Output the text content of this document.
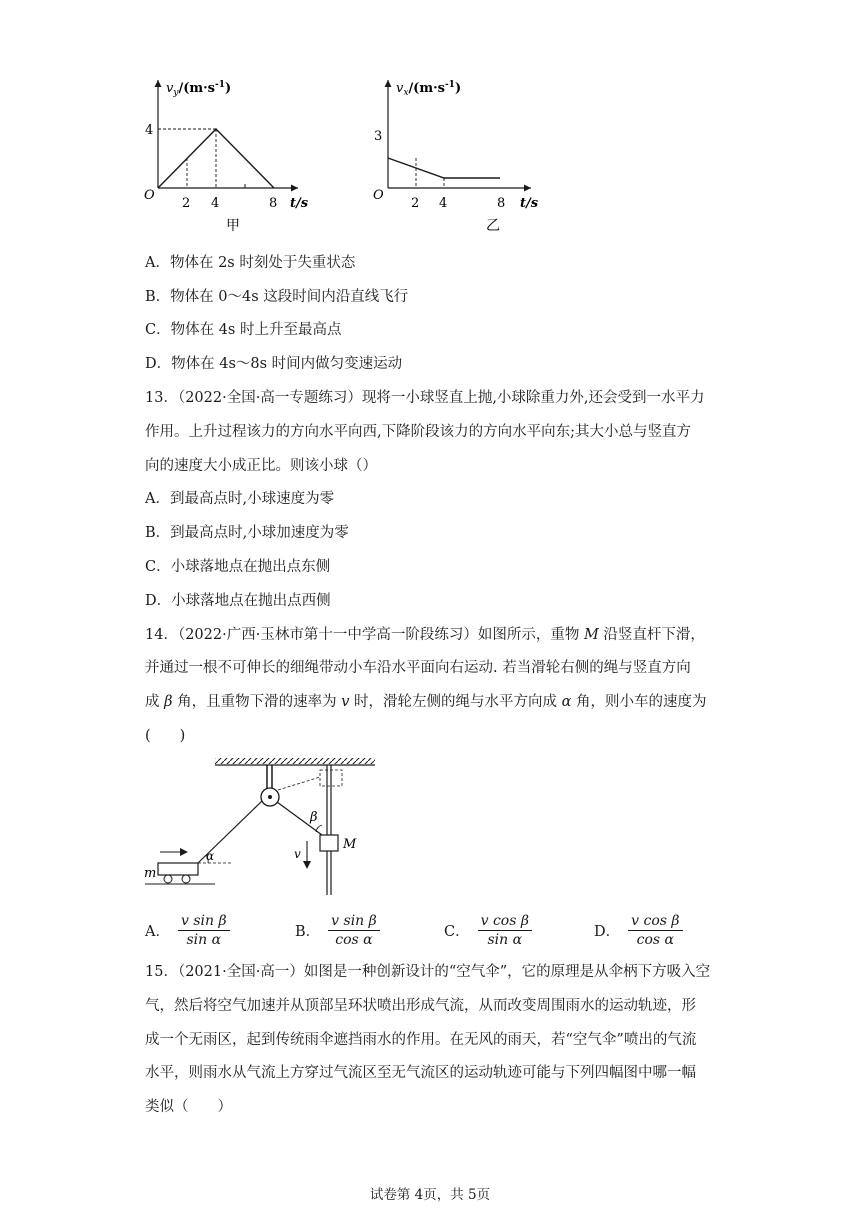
$v_y/(m\cdot s^{-1})$
4
O
2 4	8 t/s
甲
$v_x/(m\cdot s^{-1})$
3
O
2 4	8 t/s
乙
A．物体在 2s 时刻处于失重状态
B．物体在 0～4s 这段时间内沿直线飞行
C．物体在 4s 时上升至最高点
D．物体在 4s～8s 时间内做匀变速运动
13．（2022·全国·高一专题练习）现将一小球竖直上抛,小球除重力外,还会受到一水平力
作用。上升过程该力的方向水平向西,下降阶段该力的方向水平向东;其大小总与竖直方
向的速度大小成正比。则该小球（）
A．到最高点时,小球速度为零
B．到最高点时,小球加速度为零
C．小球落地点在抛出点东侧
D．小球落地点在抛出点西侧
14．（2022·广西·玉林市第十一中学高一阶段练习）如图所示，重物 M 沿竖直杆下滑，
并通过一根不可伸长的细绳带动小车沿水平面向右运动. 若当滑轮右侧的绳与竖直方向
成 β 角，且重物下滑的速率为 v 时，滑轮左侧的绳与水平方向成 α 角，则小车的速度为
(　　)
β
M
v
m
α
A． $\frac{\text{v sin β}}{\text{sin α}}$	B． $\frac{\text{v sin β}}{\text{cos α}}$	C． $\frac{\text{v cos β}}{\text{sin α}}$	D． $\frac{\text{v cos β}}{\text{cos α}}$
15．（2021·全国·高一）如图是一种创新设计的“空气伞”，它的原理是从伞柄下方吸入空
气，然后将空气加速并从顶部呈环状喷出形成气流，从而改变周围雨水的运动轨迹，形
成一个无雨区，起到传统雨伞遮挡雨水的作用。在无风的雨天，若“空气伞”喷出的气流
水平，则雨水从气流上方穿过气流区至无气流区的运动轨迹可能与下列四幅图中哪一幅
类似（　　）
试卷第 4页，共 5页
